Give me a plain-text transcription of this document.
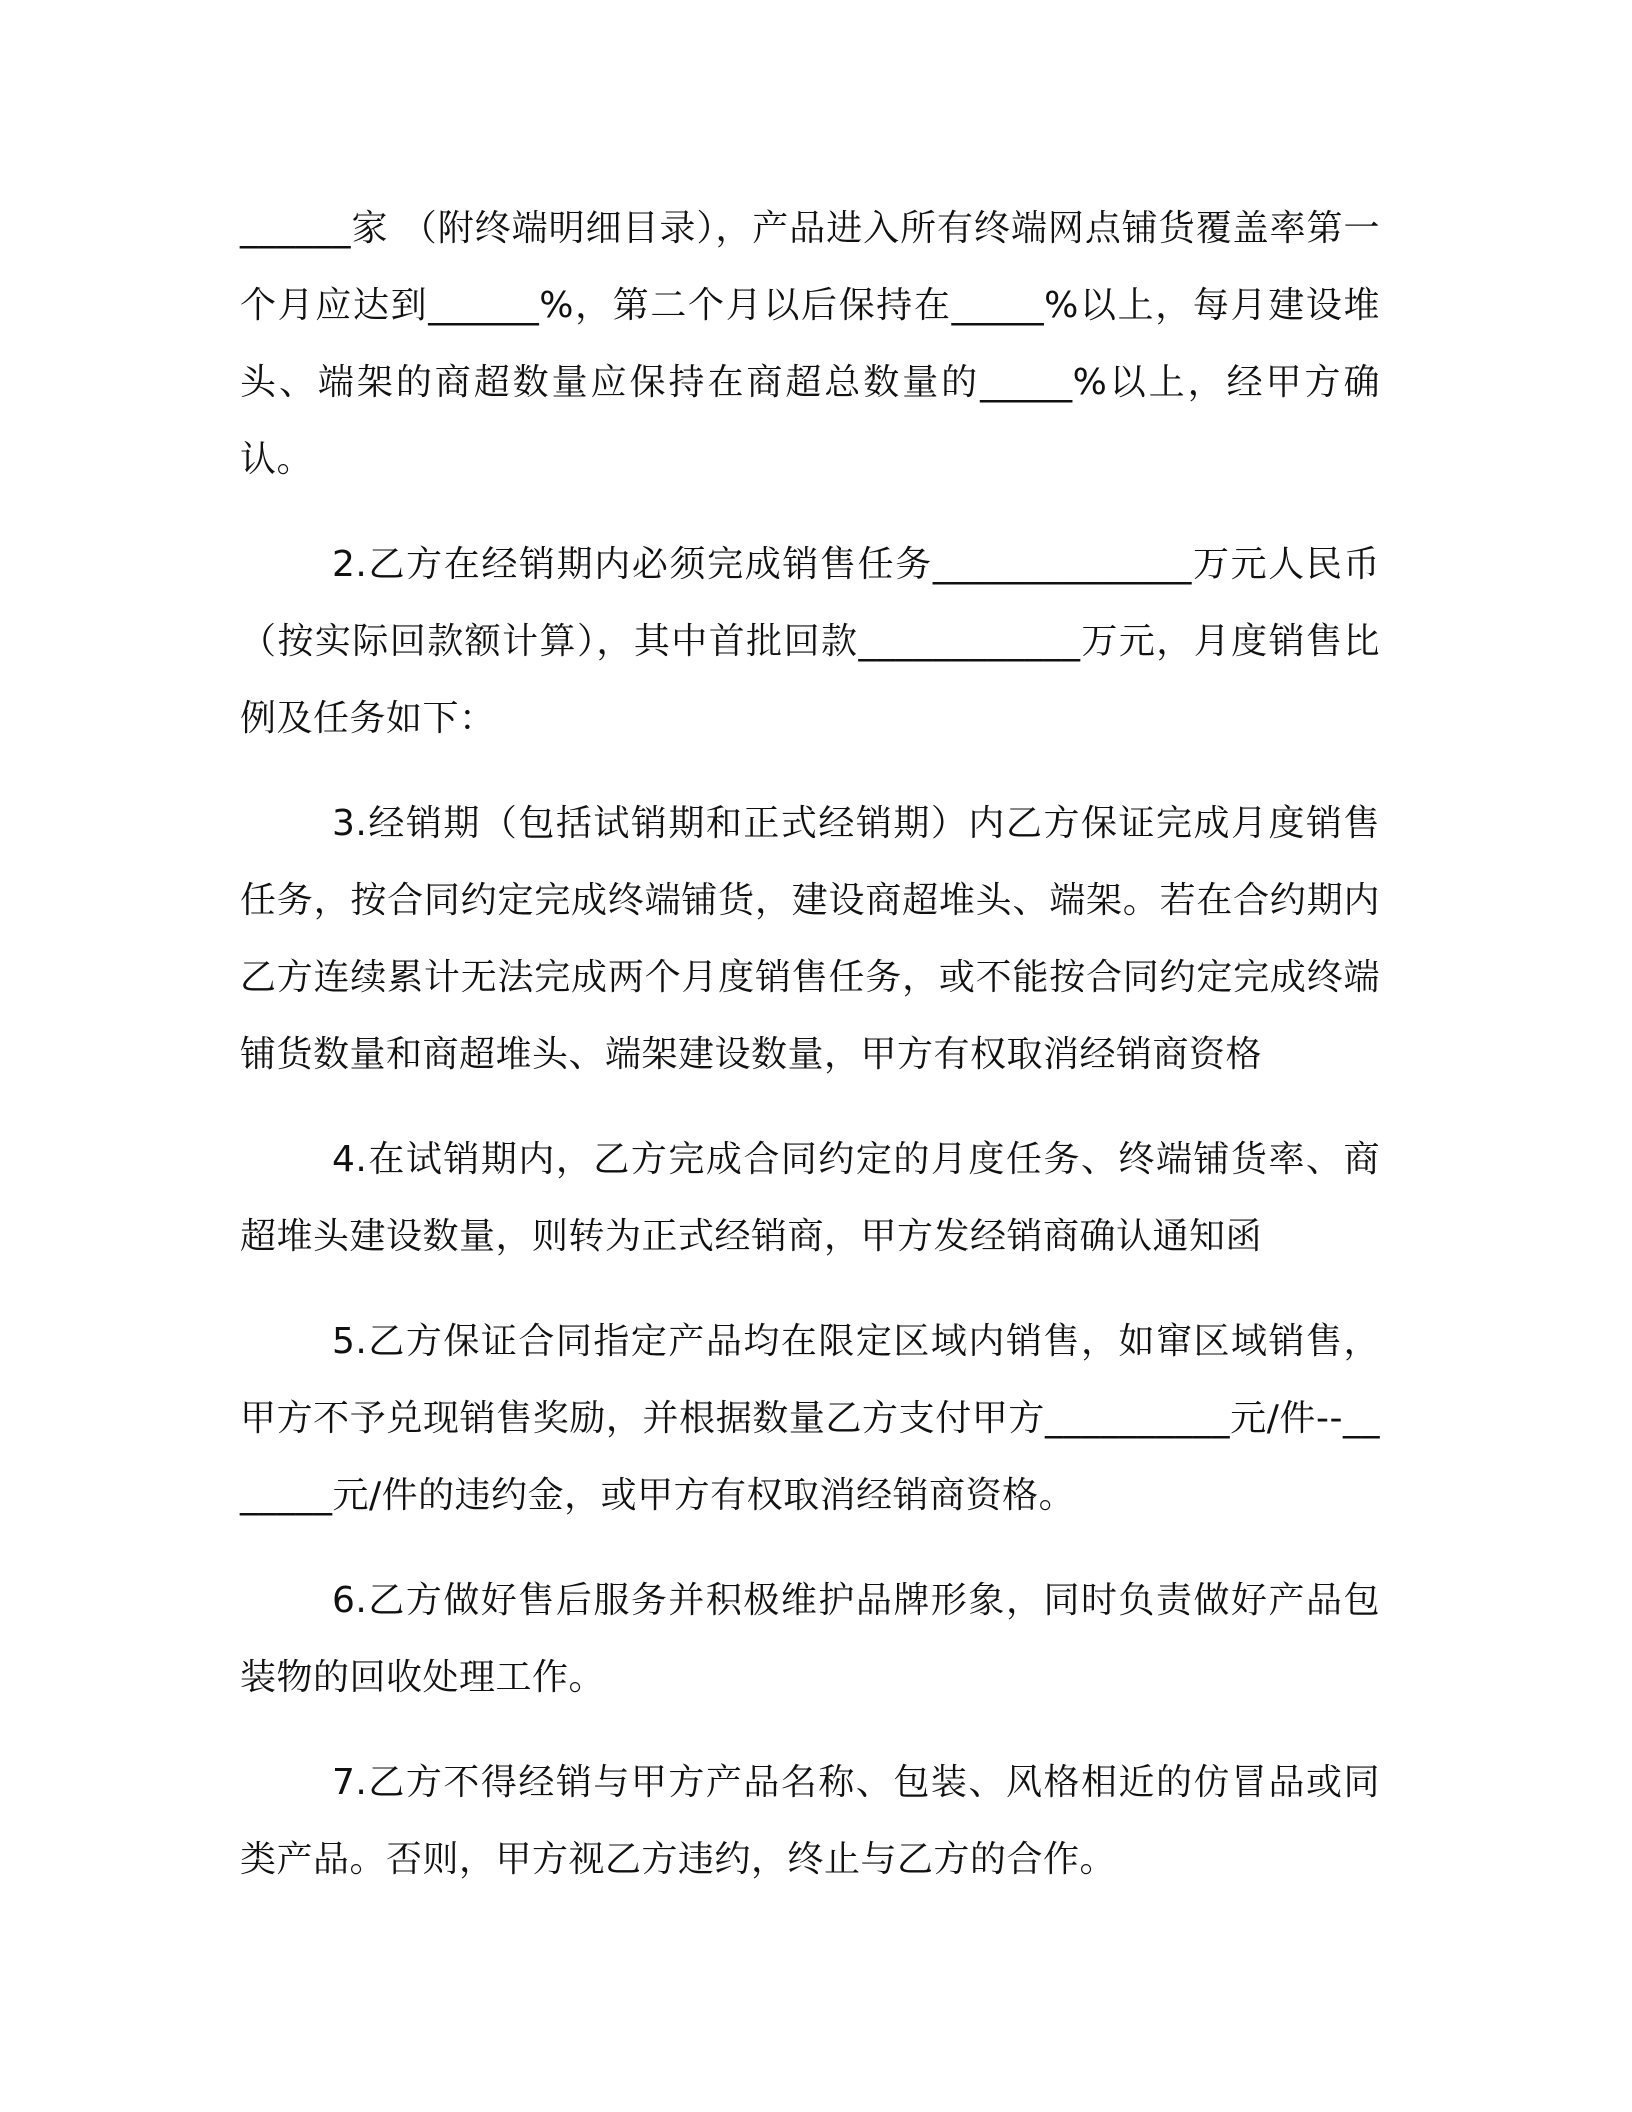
______家 （附终端明细目录），产品进入所有终端网点铺货覆盖率第一个月应达到______%，第二个月以后保持在_____%以上，每月建设堆头、端架的商超数量应保持在商超总数量的_____%以上，经甲方确认。

2.乙方在经销期内必须完成销售任务______________万元人民币（按实际回款额计算），其中首批回款____________万元，月度销售比例及任务如下：

3.经销期（包括试销期和正式经销期）内乙方保证完成月度销售任务，按合同约定完成终端铺货，建设商超堆头、端架。若在合约期内乙方连续累计无法完成两个月度销售任务，或不能按合同约定完成终端铺货数量和商超堆头、端架建设数量，甲方有权取消经销商资格

4.在试销期内，乙方完成合同约定的月度任务、终端铺货率、商超堆头建设数量，则转为正式经销商，甲方发经销商确认通知函

5.乙方保证合同指定产品均在限定区域内销售，如窜区域销售，甲方不予兑现销售奖励，并根据数量乙方支付甲方__________元/件--_______元/件的违约金，或甲方有权取消经销商资格。

6.乙方做好售后服务并积极维护品牌形象，同时负责做好产品包装物的回收处理工作。

7.乙方不得经销与甲方产品名称、包装、风格相近的仿冒品或同类产品。否则，甲方视乙方违约，终止与乙方的合作。
